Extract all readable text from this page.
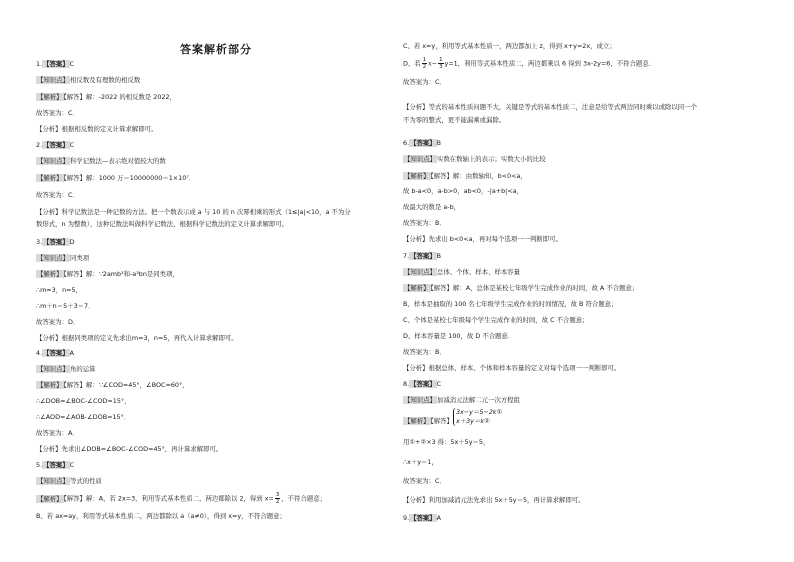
答案解析部分
1.【答案】C
【知识点】相反数及有理数的相反数
【解析】【解答】解：-2022 的相反数是 2022，
故答案为：C．
【分析】根据相反数的定义计算求解即可。
2.【答案】C
【知识点】科学记数法—表示绝对值较大的数
【解析】【解答】解：1000 万＝10000000＝1×10⁷．
故答案为：C．
【分析】科学记数法是一种记数的方法。把一个数表示成 a 与 10 的 n 次幂相乘的形式（1≤|a|<10，a 不为分
数形式，n 为整数），这种记数法叫做科学记数法，根据科学记数法的定义计算求解即可。
3.【答案】D
【知识点】同类项
【解析】【解答】解：∵2amb³和-a³bn是同类项，
∴m=3，n=5，
∴m＋n＝5＋3＝7．
故答案为：D．
【分析】根据同类项的定义先求出m=3，n=5，再代入计算求解即可。
4.【答案】A
【知识点】角的运算
【解析】【解答】解：∵∠COD=45°，∠BOC=60°，
∴∠DOB=∠BOC-∠COD=15°，
∴∠AOD=∠AOB-∠DOB=15°．
故答案为：A．
【分析】先求出∠DOB=∠BOC-∠COD=45°，再计算求解即可。
5.【答案】C
【知识点】等式的性质
【解析】【解答】解：A、若 2x=3，利用等式基本性质二，两边都除以 2，得到 $x= \frac{3}{2}$ ，不符合题意；
B、若 ax=ay，利用等式基本性质二，两边都除以 a（a≠0），得到 x=y，不符合题意；
C、若 x=y，利用等式基本性质一，两边都加上 z，得到 x+y=2x，成立；
D、若 $\frac{1}{2} x- \frac{1}{3} y=1$，利用等式基本性质二，两边都乘以 6 得到 3x-2y=6，不符合题意．
故答案为：C．
【分析】等式的基本性质问题不大，关键是等式的基本性质二，注意是给等式两边同时乘以或除以同一个
不为零的整式，更不能漏乘或漏除。
6.【答案】B
【知识点】实数在数轴上的表示；实数大小的比较
【解析】【解答】解：由数轴知，b<0<a，
故 b-a<0，a-b>0，ab<0，-|a+b|<a，
故最大的数是 a-b，
故答案为：B．
【分析】先求出 b<0<a，再对每个选项一一判断即可。
7.【答案】B
【知识点】总体、个体、样本、样本容量
【解析】【解答】解：A、总体是某校七年级学生完成作业的时间，故 A 不合题意；
B、样本是抽取的 100 名七年级学生完成作业的时间情况，故 B 符合题意；
C、个体是某校七年级每个学生完成作业的时间，故 C 不合题意；
D、样本容量是 100，故 D 不合题意．
故答案为：B．
【分析】根据总体、样本、个体和样本容量的定义对每个选项一一判断即可。
8.【答案】C
【知识点】加减消元法解二元一次方程组
【解析】【解答】
3x−y＝5−2k①
x＋3y＝k②
用①+②×3 得：5x＋5y＝5，
∴x＋y＝1，
故答案为：C．
【分析】利用加减消元法先求出 5x＋5y＝5，再计算求解即可。
9.【答案】A
